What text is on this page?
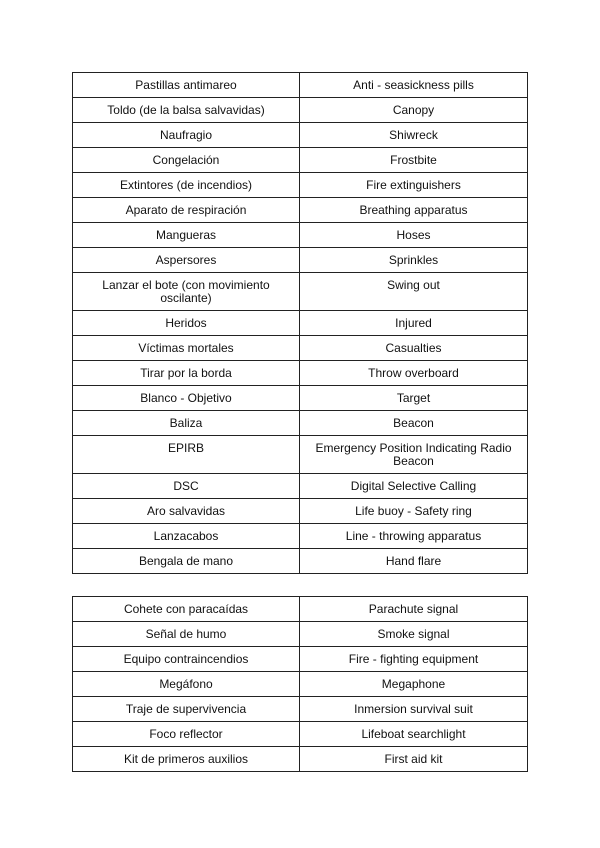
Pastillas antimareo	Anti - seasickness pills
Toldo (de la balsa salvavidas)	Canopy
Naufragio	Shiwreck
Congelación	Frostbite
Extintores (de incendios)	Fire extinguishers
Aparato de respiración	Breathing apparatus
Mangueras	Hoses
Aspersores	Sprinkles
Lanzar el bote (con movimiento oscilante)	Swing out
Heridos	Injured
Víctimas mortales	Casualties
Tirar por la borda	Throw overboard
Blanco - Objetivo	Target
Baliza	Beacon
EPIRB	Emergency Position Indicating Radio Beacon
DSC	Digital Selective Calling
Aro salvavidas	Life buoy - Safety ring
Lanzacabos	Line - throwing apparatus
Bengala de mano	Hand flare
Cohete con paracaídas	Parachute signal
Señal de humo	Smoke signal
Equipo contraincendios	Fire - fighting equipment
Megáfono	Megaphone
Traje de supervivencia	Inmersion survival suit
Foco reflector	Lifeboat searchlight
Kit de primeros auxilios	First aid kit
